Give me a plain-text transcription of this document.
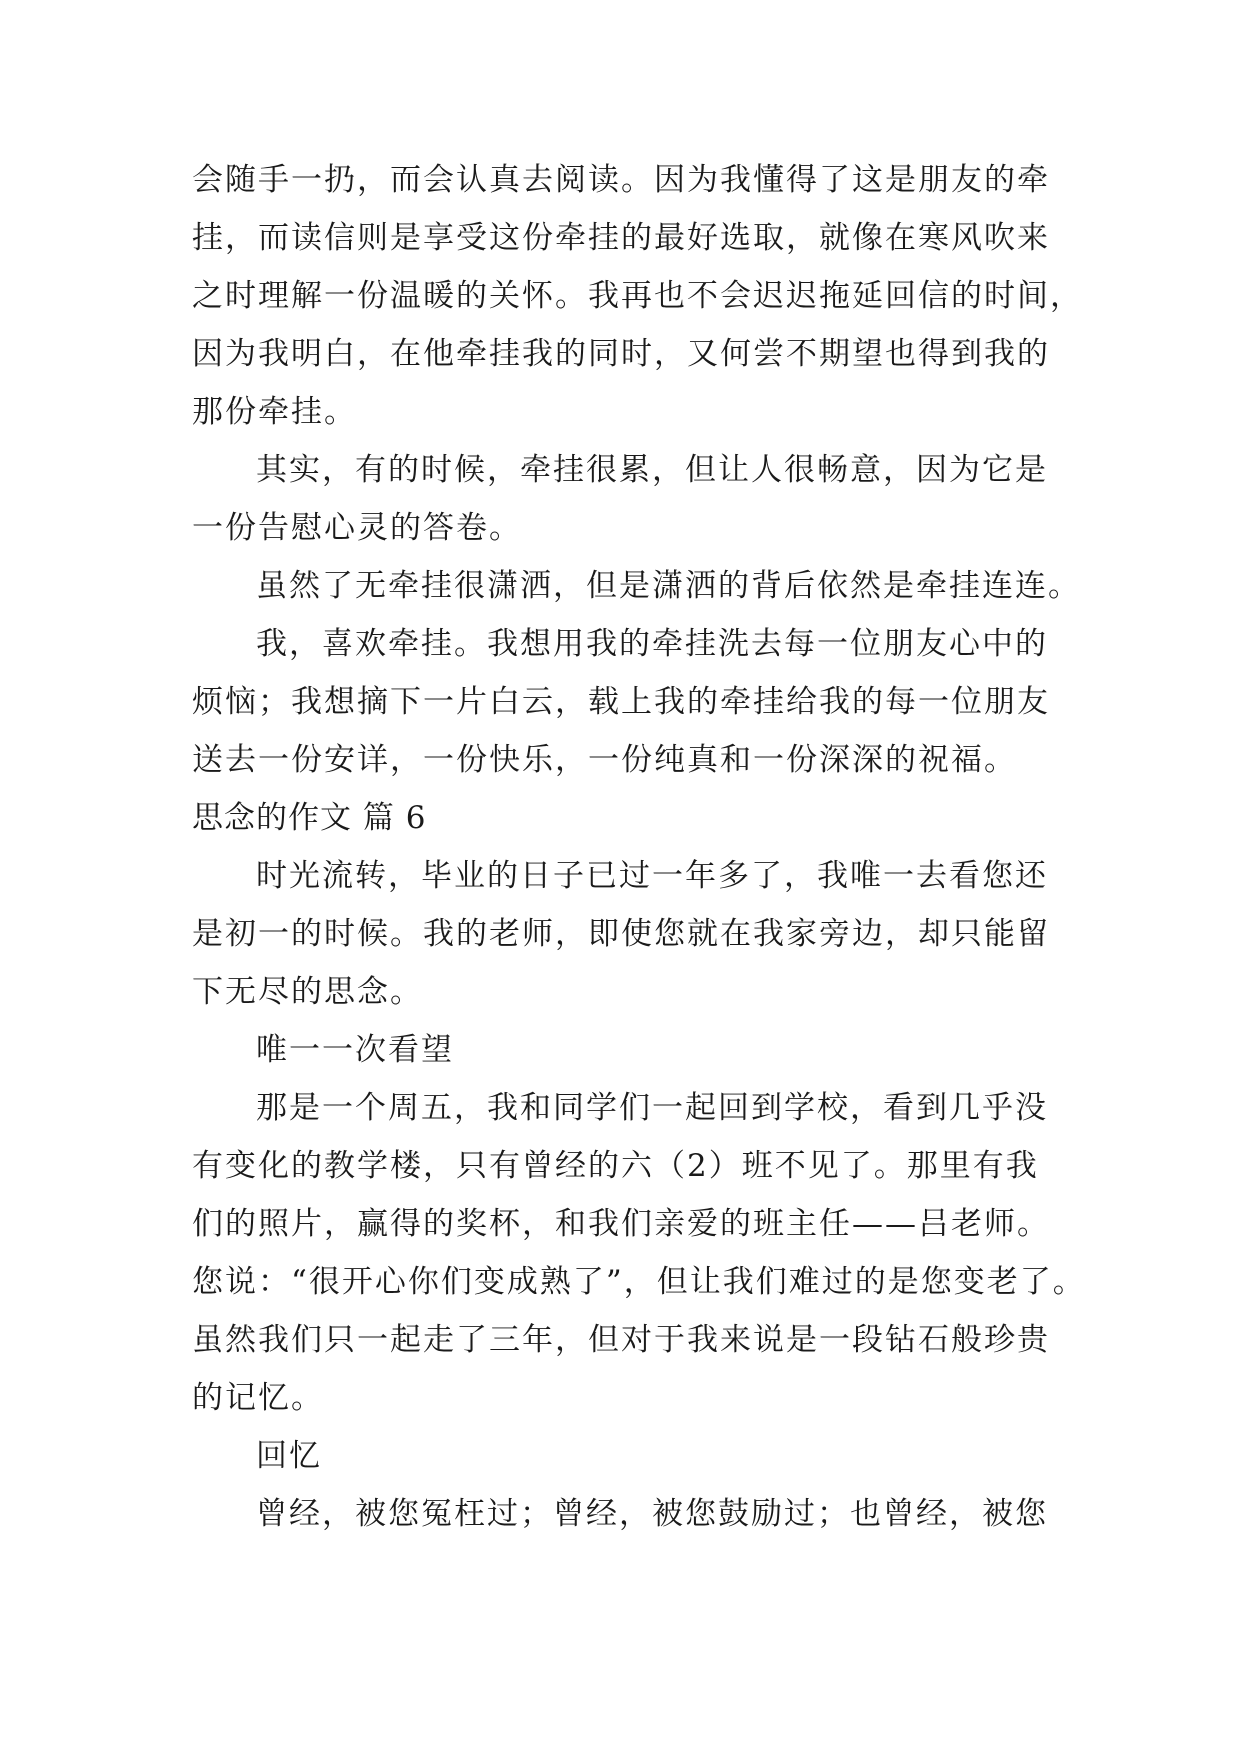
会随手一扔，而会认真去阅读。因为我懂得了这是朋友的牵
挂，而读信则是享受这份牵挂的最好选取，就像在寒风吹来
之时理解一份温暖的关怀。我再也不会迟迟拖延回信的时间，
因为我明白，在他牵挂我的同时，又何尝不期望也得到我的
那份牵挂。
其实，有的时候，牵挂很累，但让人很畅意，因为它是
一份告慰心灵的答卷。
虽然了无牵挂很潇洒，但是潇洒的背后依然是牵挂连连。
我，喜欢牵挂。我想用我的牵挂洗去每一位朋友心中的
烦恼；我想摘下一片白云，载上我的牵挂给我的每一位朋友
送去一份安详，一份快乐，一份纯真和一份深深的祝福。
思念的作文 篇 6
时光流转，毕业的日子已过一年多了，我唯一去看您还
是初一的时候。我的老师，即使您就在我家旁边，却只能留
下无尽的思念。
唯一一次看望
那是一个周五，我和同学们一起回到学校，看到几乎没
有变化的教学楼，只有曾经的六（2）班不见了。那里有我
们的照片，赢得的奖杯，和我们亲爱的班主任——吕老师。
您说：“很开心你们变成熟了”，但让我们难过的是您变老了。
虽然我们只一起走了三年，但对于我来说是一段钻石般珍贵
的记忆。
回忆
曾经，被您冤枉过；曾经，被您鼓励过；也曾经，被您
